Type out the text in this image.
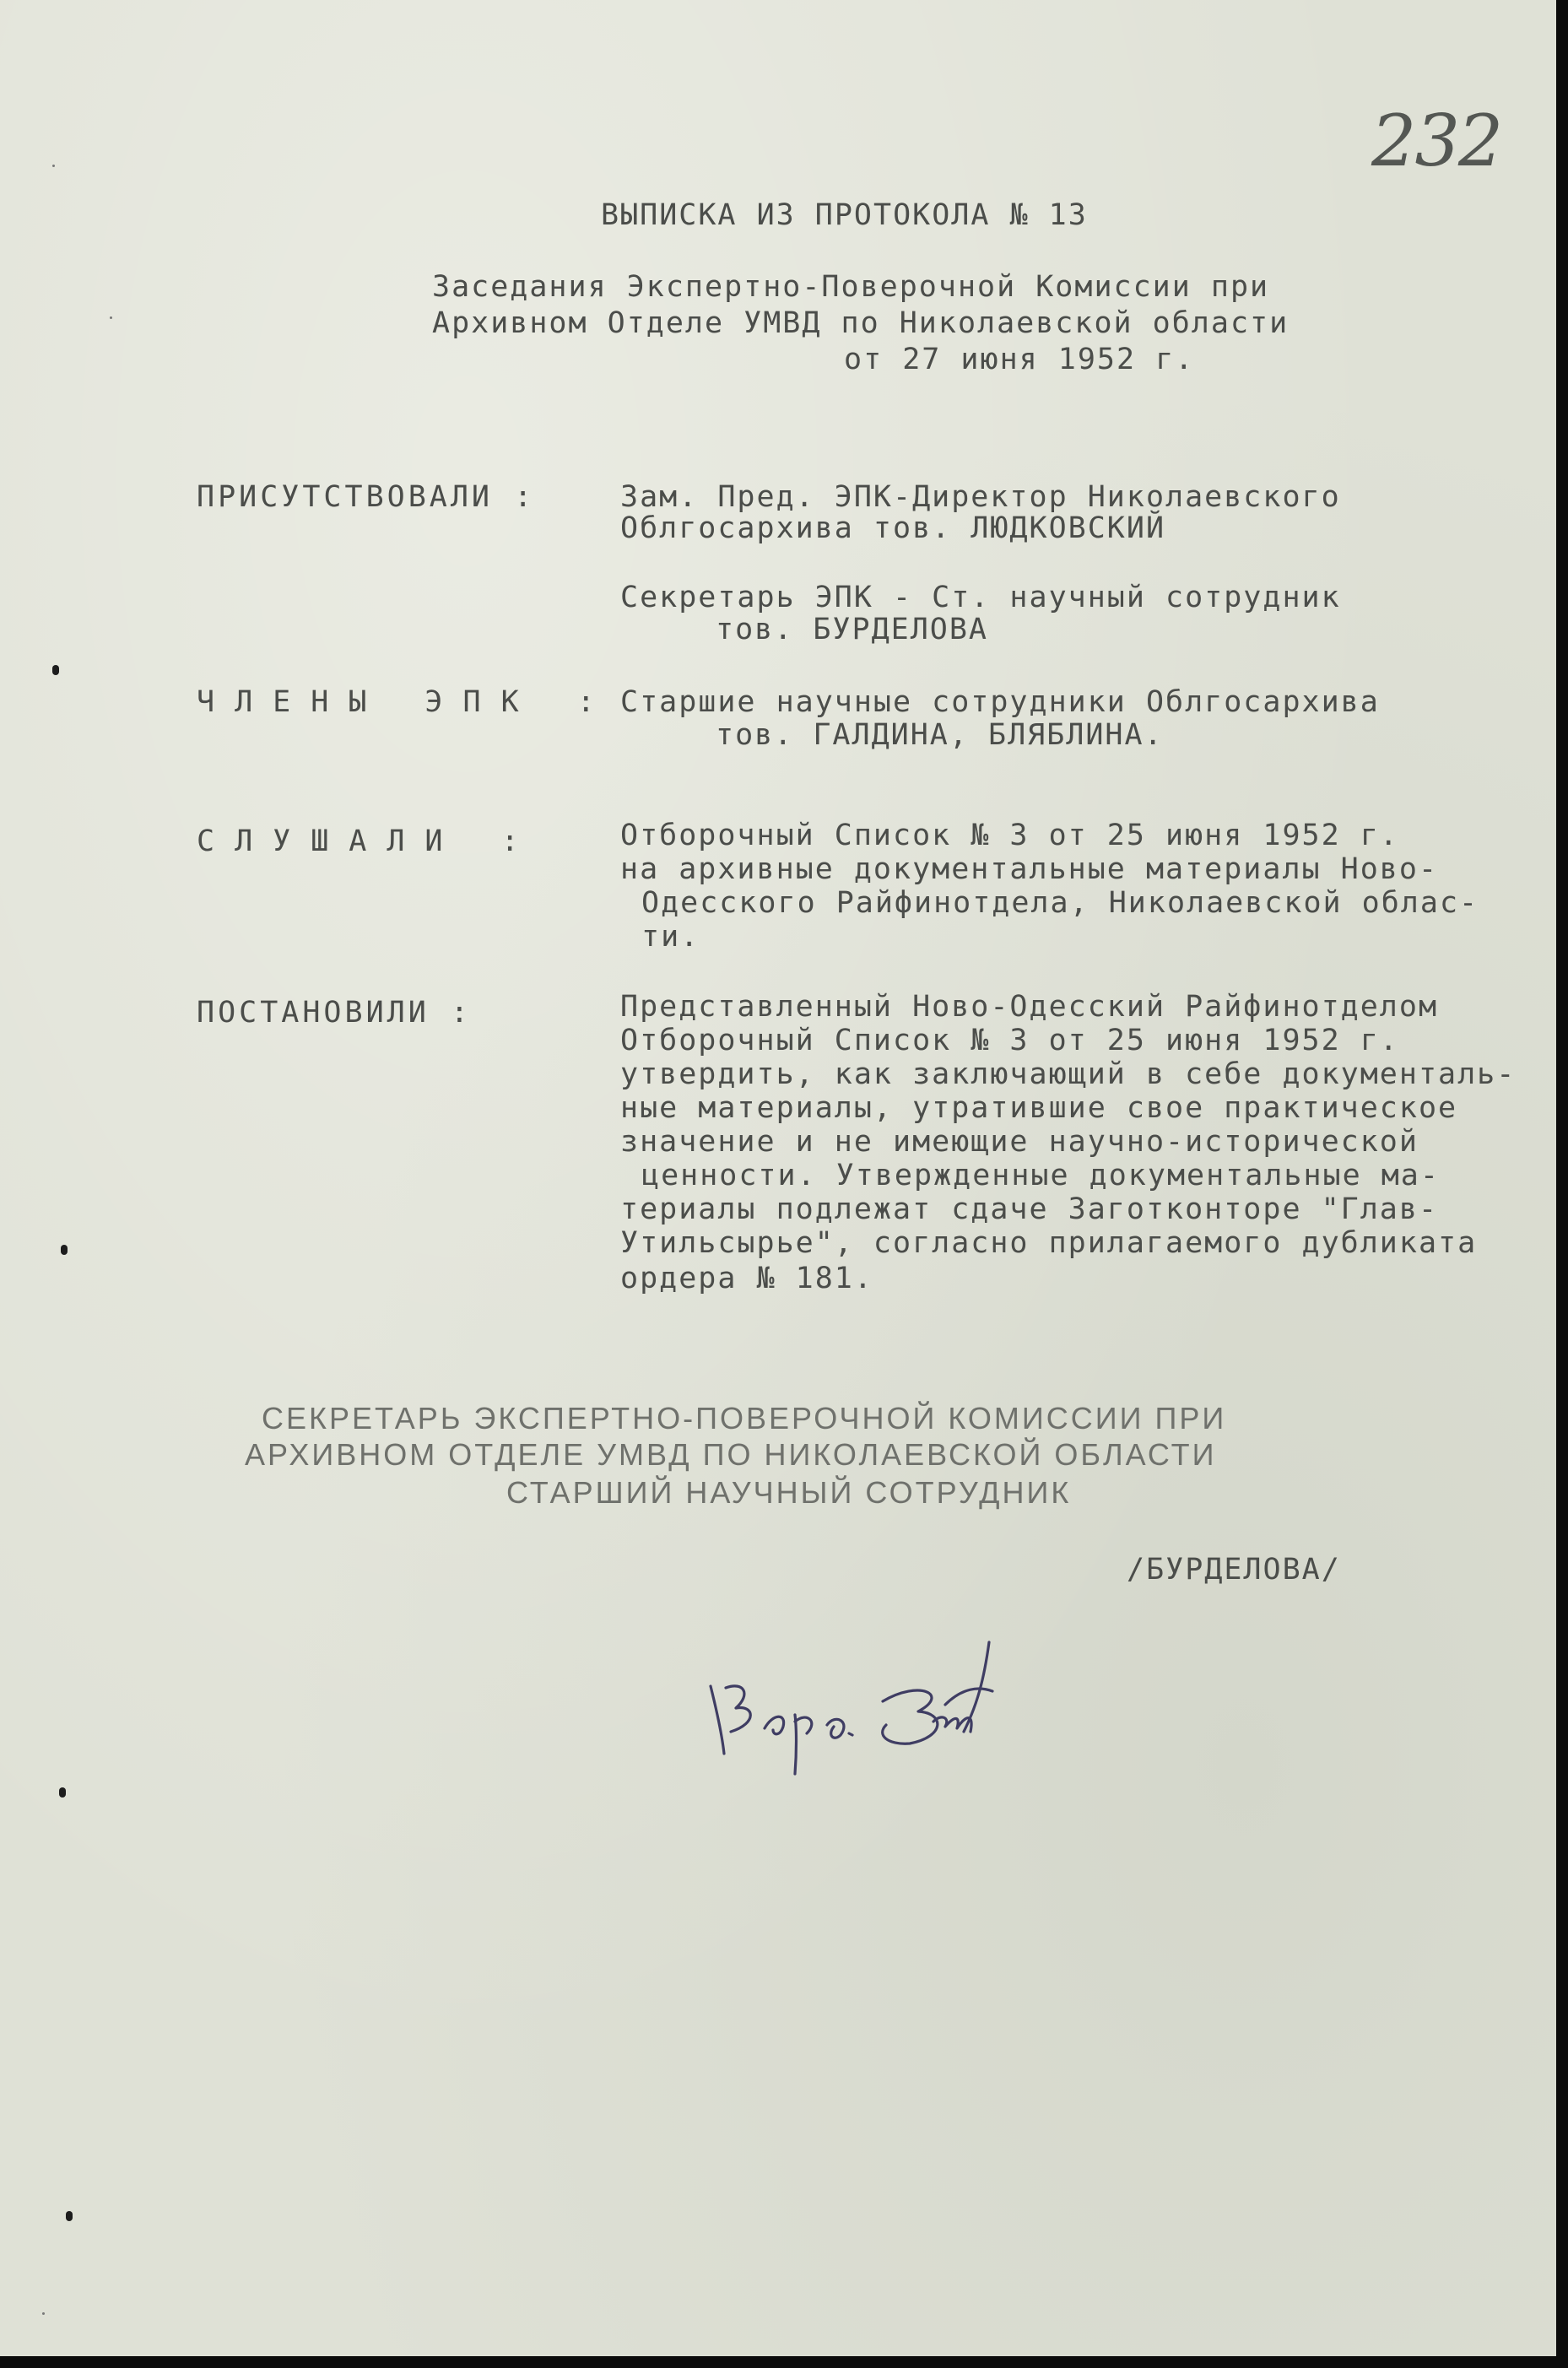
232
ВЫПИСКА ИЗ ПРОТОКОЛА № 13
Заседания Экспертно-Поверочной Комиссии при
Архивном Отделе УМВД по Николаевской области
от 27 июня 1952 г.
ПРИСУТСТВОВАЛИ :	Зам. Пред. ЭПК-Директор Николаевского
Облгосархива тов. ЛЮДКОВСКИЙ
Секретарь ЭПК - Ст. научный сотрудник
тов. БУРДЕЛОВА
ЧЛЕНЫ ЭПК : Старшие научные сотрудники Облгосархива
тов. ГАЛДИНА, БЛЯБЛИНА.
СЛУШАЛИ :	Отборочный Список № 3 от 25 июня 1952 г.
на архивные документальные материалы Ново-
Одесского Райфинотдела, Николаевской облас-
ти.
ПОСТАНОВИЛИ :	Представленный Ново-Одесский Райфинотделом
Отборочный Список № 3 от 25 июня 1952 г.
утвердить, как заключающий в себе документаль-
ные материалы, утратившие свое практическое
значение и не имеющие научно-исторической
ценности. Утвержденные документальные ма-
териалы подлежат сдаче Заготконторе "Глав-
Утильсырье", согласно прилагаемого дубликата
ордера № 181.
СЕКРЕТАРЬ ЭКСПЕРТНО-ПОВЕРОЧНОЙ КОМИССИИ ПРИ
АРХИВНОМ ОТДЕЛЕ УМВД ПО НИКОЛАЕВСКОЙ ОБЛАСТИ
СТАРШИЙ НАУЧНЫЙ СОТРУДНИК
/БУРДЕЛОВА/
